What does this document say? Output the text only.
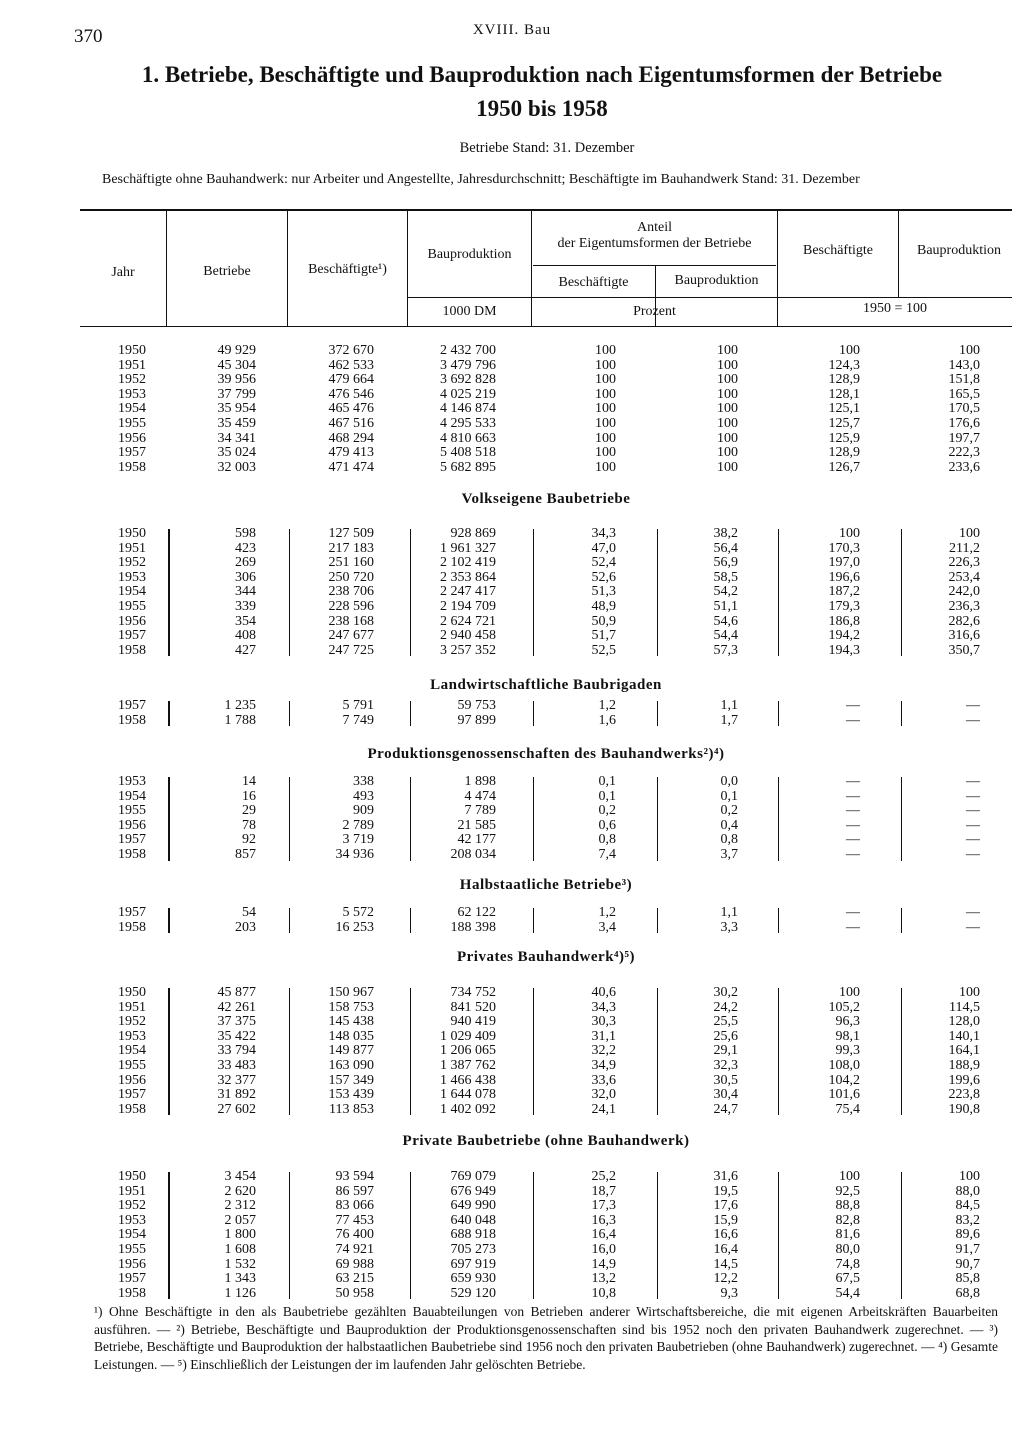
370	XVIII. Bau
1. Betriebe, Beschäftigte und Bauproduktion nach Eigentumsformen der Betriebe
1950 bis 1958
Betriebe Stand: 31. Dezember
Beschäftigte ohne Bauhandwerk: nur Arbeiter und Angestellte, Jahresdurchschnitt; Beschäftigte im Bauhandwerk Stand: 31. Dezember
Jahr	Betriebe	Beschäftigte¹)
Bauproduktion
Anteil
der Eigentumsformen der Betriebe
Beschäftigte	Bauproduktion
Beschäftigte	Bauproduktion
1000 DM	Prozent	1950 = 100
1950	49 929	372 670	2 432 700	100	100	100	100
1951	45 304	462 533	3 479 796	100	100	124,3	143,0
1952	39 956	479 664	3 692 828	100	100	128,9	151,8
1953	37 799	476 546	4 025 219	100	100	128,1	165,5
1954	35 954	465 476	4 146 874	100	100	125,1	170,5
1955	35 459	467 516	4 295 533	100	100	125,7	176,6
1956	34 341	468 294	4 810 663	100	100	125,9	197,7
1957	35 024	479 413	5 408 518	100	100	128,9	222,3
1958	32 003	471 474	5 682 895	100	100	126,7	233,6
Volkseigene Baubetriebe
1950	598	127 509	928 869	34,3	38,2	100	100
1951	423	217 183	1 961 327	47,0	56,4	170,3	211,2
1952	269	251 160	2 102 419	52,4	56,9	197,0	226,3
1953	306	250 720	2 353 864	52,6	58,5	196,6	253,4
1954	344	238 706	2 247 417	51,3	54,2	187,2	242,0
1955	339	228 596	2 194 709	48,9	51,1	179,3	236,3
1956	354	238 168	2 624 721	50,9	54,6	186,8	282,6
1957	408	247 677	2 940 458	51,7	54,4	194,2	316,6
1958	427	247 725	3 257 352	52,5	57,3	194,3	350,7
Landwirtschaftliche Baubrigaden
1957	1 235	5 791	59 753	1,2	1,1	—	—
1958	1 788	7 749	97 899	1,6	1,7	—	—
Produktionsgenossenschaften des Bauhandwerks²)⁴)
1953	14	338	1 898	0,1	0,0	—	—
1954	16	493	4 474	0,1	0,1	—	—
1955	29	909	7 789	0,2	0,2	—	—
1956	78	2 789	21 585	0,6	0,4	—	—
1957	92	3 719	42 177	0,8	0,8	—	—
1958	857	34 936	208 034	7,4	3,7	—	—
Halbstaatliche Betriebe³)
1957	54	5 572	62 122	1,2	1,1	—	—
1958	203	16 253	188 398	3,4	3,3	—	—
Privates Bauhandwerk⁴)⁵)
1950	45 877	150 967	734 752	40,6	30,2	100	100
1951	42 261	158 753	841 520	34,3	24,2	105,2	114,5
1952	37 375	145 438	940 419	30,3	25,5	96,3	128,0
1953	35 422	148 035	1 029 409	31,1	25,6	98,1	140,1
1954	33 794	149 877	1 206 065	32,2	29,1	99,3	164,1
1955	33 483	163 090	1 387 762	34,9	32,3	108,0	188,9
1956	32 377	157 349	1 466 438	33,6	30,5	104,2	199,6
1957	31 892	153 439	1 644 078	32,0	30,4	101,6	223,8
1958	27 602	113 853	1 402 092	24,1	24,7	75,4	190,8
Private Baubetriebe (ohne Bauhandwerk)
1950	3 454	93 594	769 079	25,2	31,6	100	100
1951	2 620	86 597	676 949	18,7	19,5	92,5	88,0
1952	2 312	83 066	649 990	17,3	17,6	88,8	84,5
1953	2 057	77 453	640 048	16,3	15,9	82,8	83,2
1954	1 800	76 400	688 918	16,4	16,6	81,6	89,6
1955	1 608	74 921	705 273	16,0	16,4	80,0	91,7
1956	1 532	69 988	697 919	14,9	14,5	74,8	90,7
1957	1 343	63 215	659 930	13,2	12,2	67,5	85,8
1958	1 126	50 958	529 120	10,8	9,3	54,4	68,8
¹) Ohne Beschäftigte in den als Baubetriebe gezählten Bauabteilungen von Betrieben anderer Wirtschaftsbereiche, die mit eigenen Arbeitskräften Bauarbeiten ausführen. — ²) Betriebe, Beschäftigte und Bauproduktion der Produktionsgenossenschaften sind bis 1952 noch den privaten Bauhandwerk zugerechnet. — ³) Betriebe, Beschäftigte und Bauproduktion der halbstaatlichen Baubetriebe sind 1956 noch den privaten Baubetrieben (ohne Bauhandwerk) zugerechnet. — ⁴) Gesamte Leistungen. — ⁵) Einschließlich der Leistungen der im laufenden Jahr gelöschten Betriebe.
